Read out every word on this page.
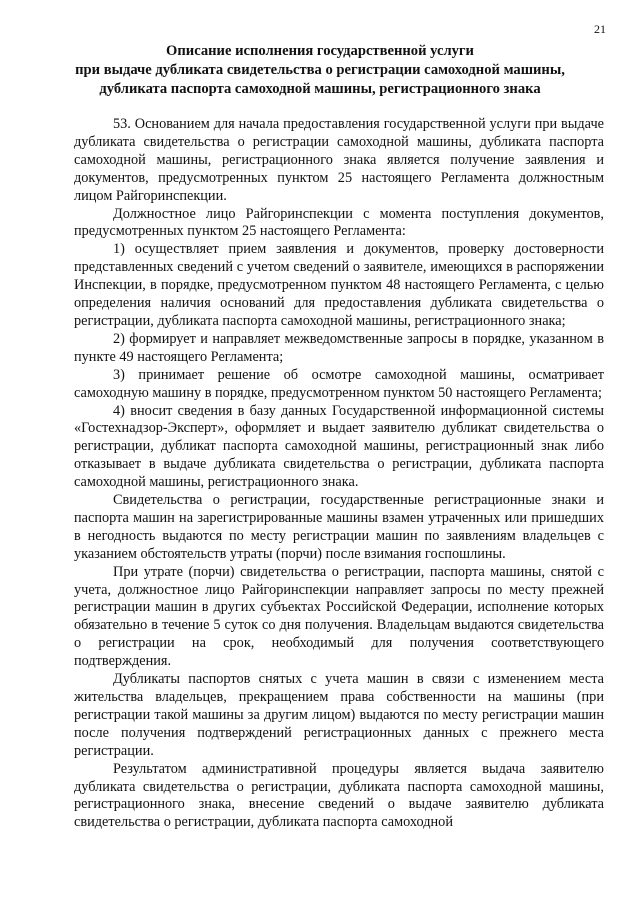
21
Описание исполнения государственной услуги
при выдаче дубликата свидетельства о регистрации самоходной машины,
дубликата паспорта самоходной машины, регистрационного знака

53. Основанием для начала предоставления государственной услуги при выдаче дубликата свидетельства о регистрации самоходной машины, дубликата паспорта самоходной машины, регистрационного знака является получение заявления и документов, предусмотренных пунктом 25 настоящего Регламента должностным лицом Райгоринспекции.

Должностное лицо Райгоринспекции с момента поступления документов, предусмотренных пунктом 25 настоящего Регламента:

1) осуществляет прием заявления и документов, проверку достоверности представленных сведений с учетом сведений о заявителе, имеющихся в распоряжении Инспекции, в порядке, предусмотренном пунктом 48 настоящего Регламента, с целью определения наличия оснований для предоставления дубликата свидетельства о регистрации, дубликата паспорта самоходной машины, регистрационного знака;

2) формирует и направляет межведомственные запросы в порядке, указанном в пункте 49 настоящего Регламента;

3) принимает решение об осмотре самоходной машины, осматривает самоходную машину в порядке, предусмотренном пунктом 50 настоящего Регламента;

4) вносит сведения в базу данных Государственной информационной системы «Гостехнадзор-Эксперт», оформляет и выдает заявителю дубликат свидетельства о регистрации, дубликат паспорта самоходной машины, регистрационный знак либо отказывает в выдаче дубликата свидетельства о регистрации, дубликата паспорта самоходной машины, регистрационного знака.

Свидетельства о регистрации, государственные регистрационные знаки и паспорта машин на зарегистрированные машины взамен утраченных или пришедших в негодность выдаются по месту регистрации машин по заявлениям владельцев с указанием обстоятельств утраты (порчи) после взимания госпошлины.

При утрате (порчи) свидетельства о регистрации, паспорта машины, снятой с учета, должностное лицо Райгоринспекции направляет запросы по месту прежней регистрации машин в других субъектах Российской Федерации, исполнение которых обязательно в течение 5 суток со дня получения. Владельцам выдаются свидетельства о регистрации на срок, необходимый для получения соответствующего подтверждения.

Дубликаты паспортов снятых с учета машин в связи с изменением места жительства владельцев, прекращением права собственности на машины (при регистрации такой машины за другим лицом) выдаются по месту регистрации машин после получения подтверждений регистрационных данных с прежнего места регистрации.

Результатом административной процедуры является выдача заявителю дубликата свидетельства о регистрации, дубликата паспорта самоходной машины, регистрационного знака, внесение сведений о выдаче заявителю дубликата свидетельства о регистрации, дубликата паспорта самоходной
